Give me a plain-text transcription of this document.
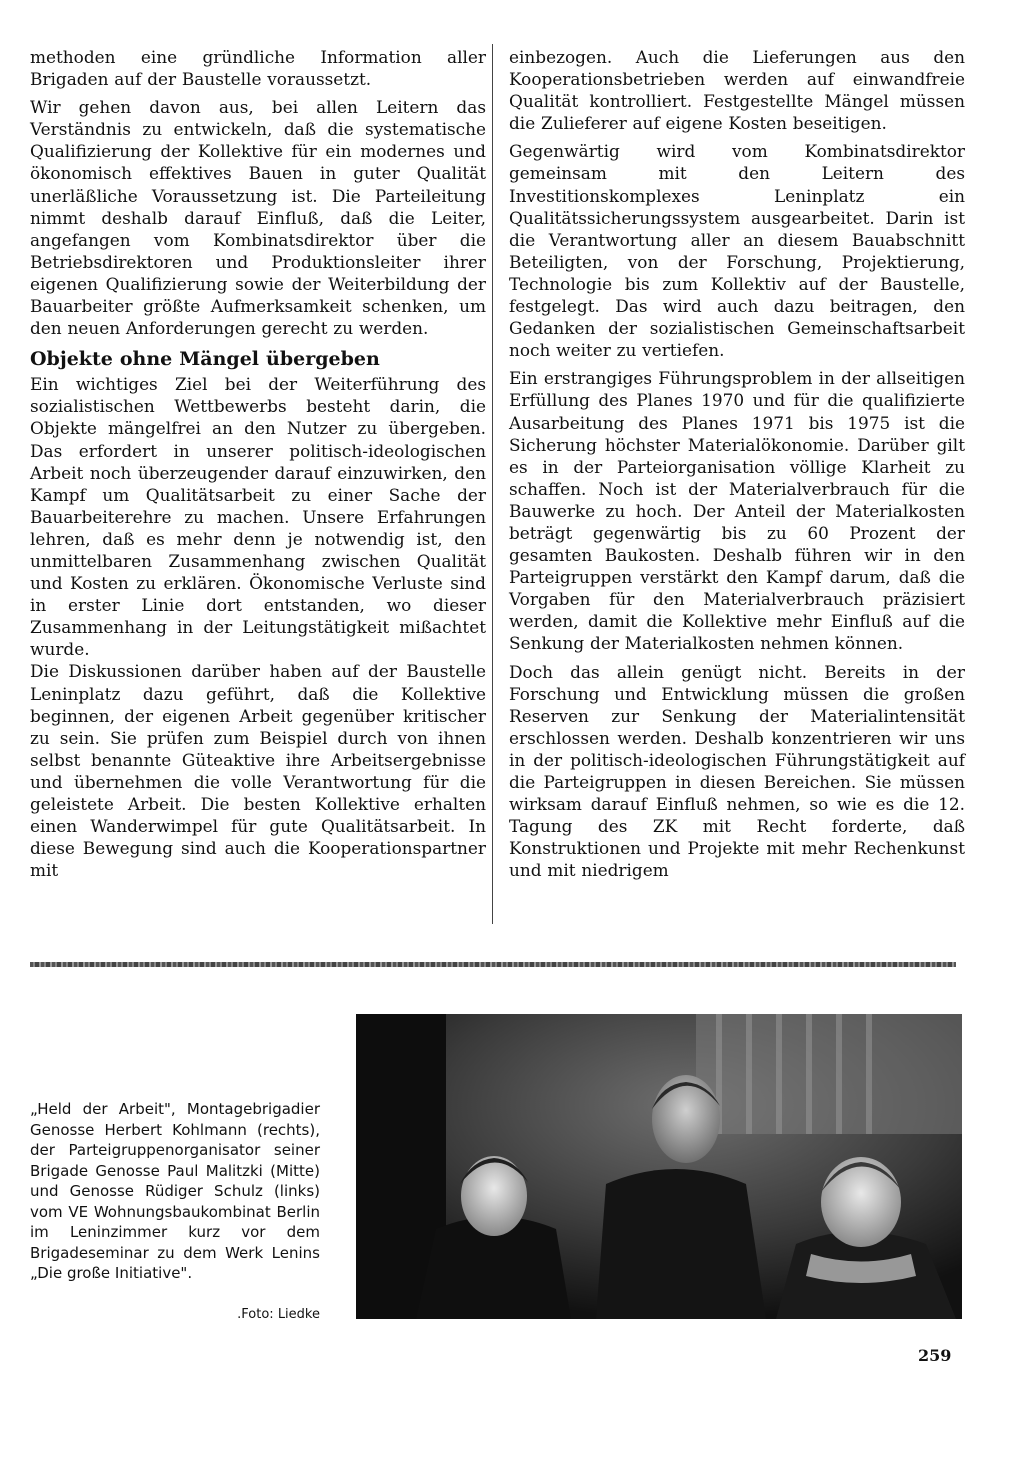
methoden eine gründliche Information aller Brigaden auf der Baustelle voraussetzt.

Wir gehen davon aus, bei allen Leitern das Verständnis zu entwickeln, daß die systematische Qualifizierung der Kollektive für ein modernes und ökonomisch effektives Bauen in guter Qualität unerläßliche Voraussetzung ist. Die Parteileitung nimmt deshalb darauf Einfluß, daß die Leiter, angefangen vom Kombinatsdirektor über die Betriebsdirektoren und Produktionsleiter ihrer eigenen Qualifizierung sowie der Weiterbildung der Bauarbeiter größte Aufmerksamkeit schenken, um den neuen Anforderungen gerecht zu werden.

Objekte ohne Mängel übergeben

Ein wichtiges Ziel bei der Weiterführung des sozialistischen Wettbewerbs besteht darin, die Objekte mängelfrei an den Nutzer zu übergeben. Das erfordert in unserer politisch-ideologischen Arbeit noch überzeugender darauf einzuwirken, den Kampf um Qualitätsarbeit zu einer Sache der Bauarbeiterehre zu machen. Unsere Erfahrungen lehren, daß es mehr denn je notwendig ist, den unmittelbaren Zusammenhang zwischen Qualität und Kosten zu erklären. Ökonomische Verluste sind in erster Linie dort entstanden, wo dieser Zusammenhang in der Leitungstätigkeit mißachtet wurde.

Die Diskussionen darüber haben auf der Baustelle Leninplatz dazu geführt, daß die Kollektive beginnen, der eigenen Arbeit gegenüber kritischer zu sein. Sie prüfen zum Beispiel durch von ihnen selbst benannte Güteaktive ihre Arbeitsergebnisse und übernehmen die volle Verantwortung für die geleistete Arbeit. Die besten Kollektive erhalten einen Wanderwimpel für gute Qualitätsarbeit. In diese Bewegung sind auch die Kooperationspartner mit

einbezogen. Auch die Lieferungen aus den Kooperationsbetrieben werden auf einwandfreie Qualität kontrolliert. Festgestellte Mängel müssen die Zulieferer auf eigene Kosten beseitigen.

Gegenwärtig wird vom Kombinatsdirektor gemeinsam mit den Leitern des Investitionskomplexes Leninplatz ein Qualitätssicherungssystem ausgearbeitet. Darin ist die Verantwortung aller an diesem Bauabschnitt Beteiligten, von der Forschung, Projektierung, Technologie bis zum Kollektiv auf der Baustelle, festgelegt. Das wird auch dazu beitragen, den Gedanken der sozialistischen Gemeinschaftsarbeit noch weiter zu vertiefen.

Ein erstrangiges Führungsproblem in der allseitigen Erfüllung des Planes 1970 und für die qualifizierte Ausarbeitung des Planes 1971 bis 1975 ist die Sicherung höchster Materialökonomie. Darüber gilt es in der Parteiorganisation völlige Klarheit zu schaffen. Noch ist der Materialverbrauch für die Bauwerke zu hoch. Der Anteil der Materialkosten beträgt gegenwärtig bis zu 60 Prozent der gesamten Baukosten. Deshalb führen wir in den Parteigruppen verstärkt den Kampf darum, daß die Vorgaben für den Materialverbrauch präzisiert werden, damit die Kollektive mehr Einfluß auf die Senkung der Materialkosten nehmen können.

Doch das allein genügt nicht. Bereits in der Forschung und Entwicklung müssen die großen Reserven zur Senkung der Materialintensität erschlossen werden. Deshalb konzentrieren wir uns in der politisch-ideologischen Führungstätigkeit auf die Parteigruppen in diesen Bereichen. Sie müssen wirksam darauf Einfluß nehmen, so wie es die 12. Tagung des ZK mit Recht forderte, daß Konstruktionen und Projekte mit mehr Rechenkunst und mit niedrigem

„Held der Arbeit", Montagebrigadier Genosse Herbert Kohlmann (rechts), der Parteigruppenorganisator seiner Brigade Genosse Paul Malitzki (Mitte) und Genosse Rüdiger Schulz (links) vom VE Wohnungsbaukombinat Berlin im Leninzimmer kurz vor dem Brigadeseminar zu dem Werk Lenins „Die große Initiative".
.Foto: Liedke
259
